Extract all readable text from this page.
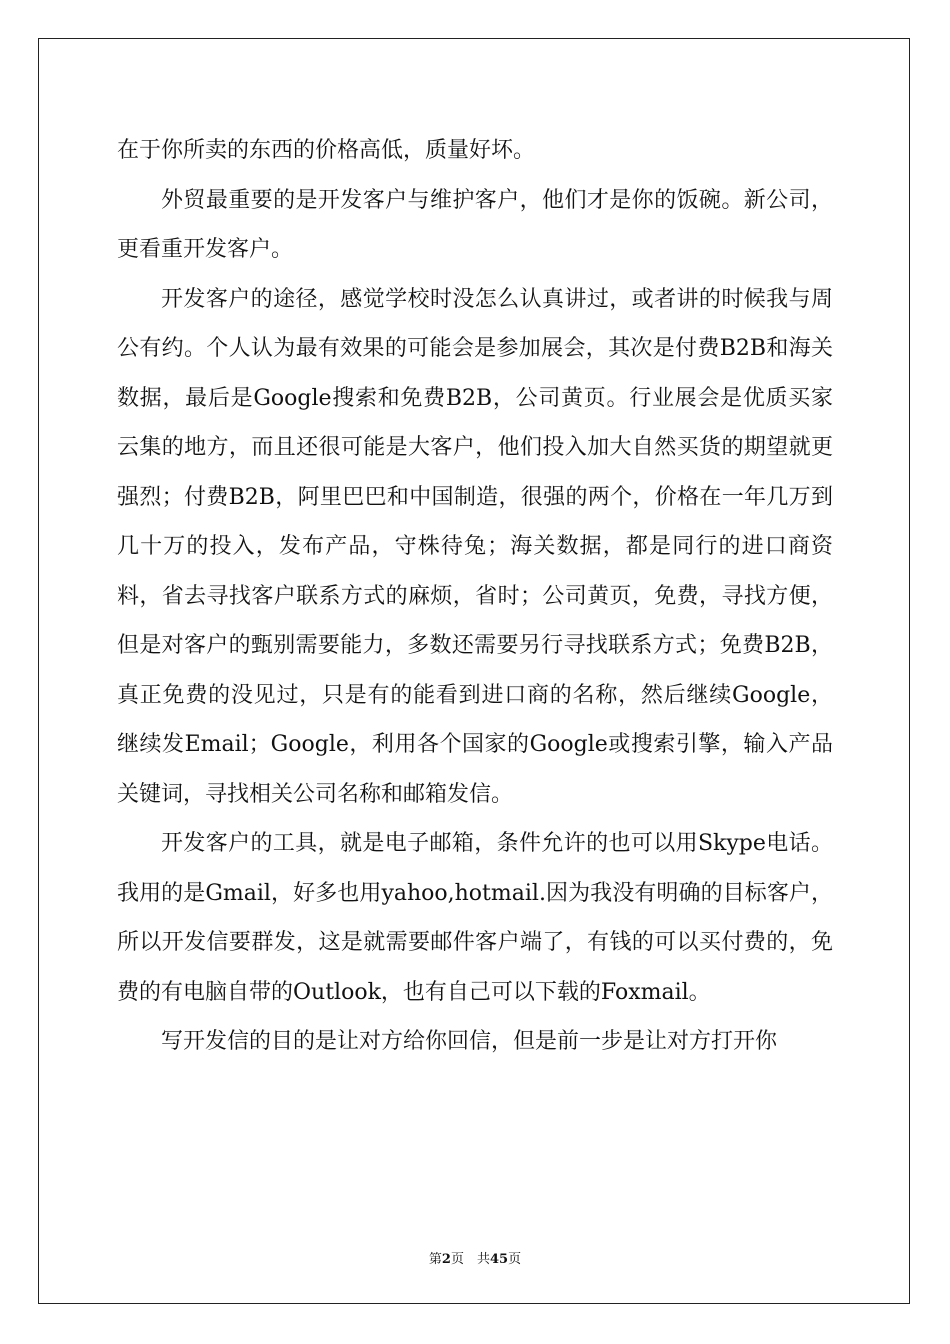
在于你所卖的东西的价格高低，质量好坏。

外贸最重要的是开发客户与维护客户，他们才是你的饭碗。新公司，更看重开发客户。

开发客户的途径，感觉学校时没怎么认真讲过，或者讲的时候我与周公有约。个人认为最有效果的可能会是参加展会，其次是付费B2B和海关数据，最后是Google搜索和免费B2B，公司黄页。行业展会是优质买家云集的地方，而且还很可能是大客户，他们投入加大自然买货的期望就更强烈；付费B2B，阿里巴巴和中国制造，很强的两个，价格在一年几万到几十万的投入，发布产品，守株待兔；海关数据，都是同行的进口商资料，省去寻找客户联系方式的麻烦，省时；公司黄页，免费，寻找方便，但是对客户的甄别需要能力，多数还需要另行寻找联系方式；免费B2B，真正免费的没见过，只是有的能看到进口商的名称，然后继续Google，继续发Email；Google，利用各个国家的Google或搜索引擎，输入产品关键词，寻找相关公司名称和邮箱发信。

开发客户的工具，就是电子邮箱，条件允许的也可以用Skype电话。我用的是Gmail，好多也用yahoo,hotmail.因为我没有明确的目标客户，所以开发信要群发，这是就需要邮件客户端了，有钱的可以买付费的，免费的有电脑自带的Outlook，也有自己可以下载的Foxmail。

写开发信的目的是让对方给你回信，但是前一步是让对方打开你

第2页　共45页
